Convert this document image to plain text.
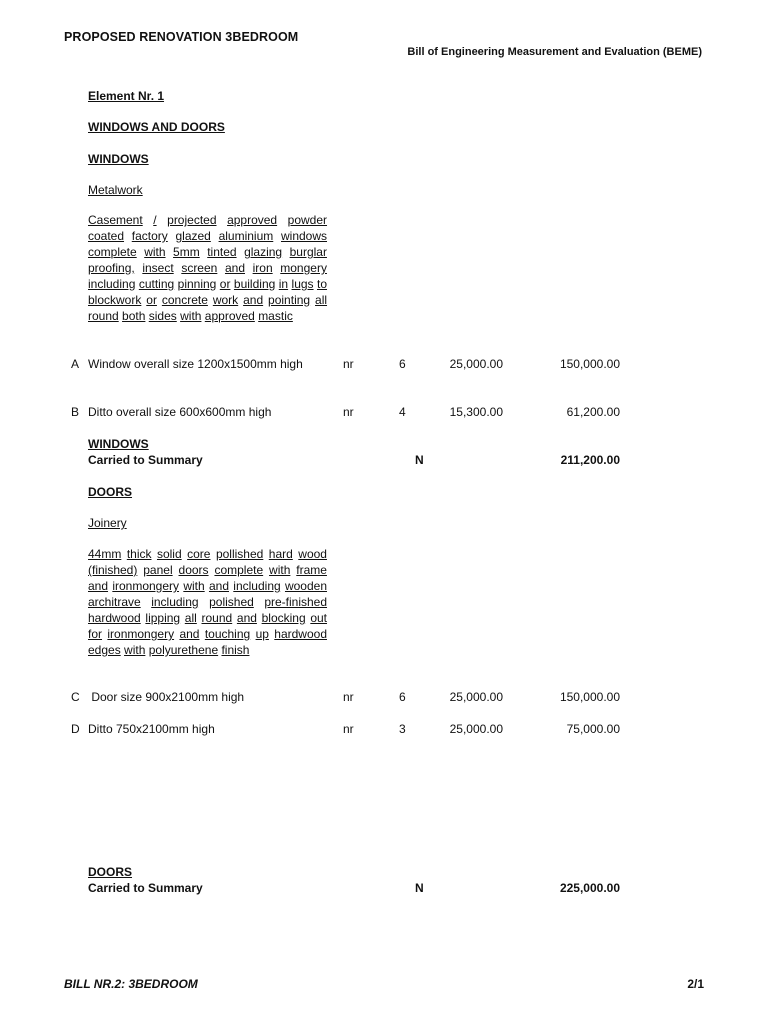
PROPOSED RENOVATION 3BEDROOM
Bill of Engineering Measurement and Evaluation (BEME)
Element Nr. 1
WINDOWS AND DOORS
WINDOWS
Metalwork
Casement / projected approved powder coated factory glazed aluminium windows complete with 5mm tinted glazing burglar proofing, insect screen and iron mongery including cutting pinning or building in lugs to blockwork or concrete work and pointing all round both sides with approved mastic
A Window overall size 1200x1500mm high	nr	6	25,000.00	150,000.00
B Ditto overall size 600x600mm high	nr	4	15,300.00	61,200.00
WINDOWS
Carried to Summary	N	211,200.00
DOORS
Joinery
44mm thick solid core pollished hard wood (finished) panel doors complete with frame and ironmongery with and including wooden architrave including polished pre-finished hardwood lipping all round and blocking out for ironmongery and touching up hardwood edges with polyurethene finish
C Door size 900x2100mm high	nr	6	25,000.00	150,000.00
D Ditto 750x2100mm high	nr	3	25,000.00	75,000.00
DOORS
Carried to Summary	N	225,000.00
BILL NR.2: 3BEDROOM	2/1
